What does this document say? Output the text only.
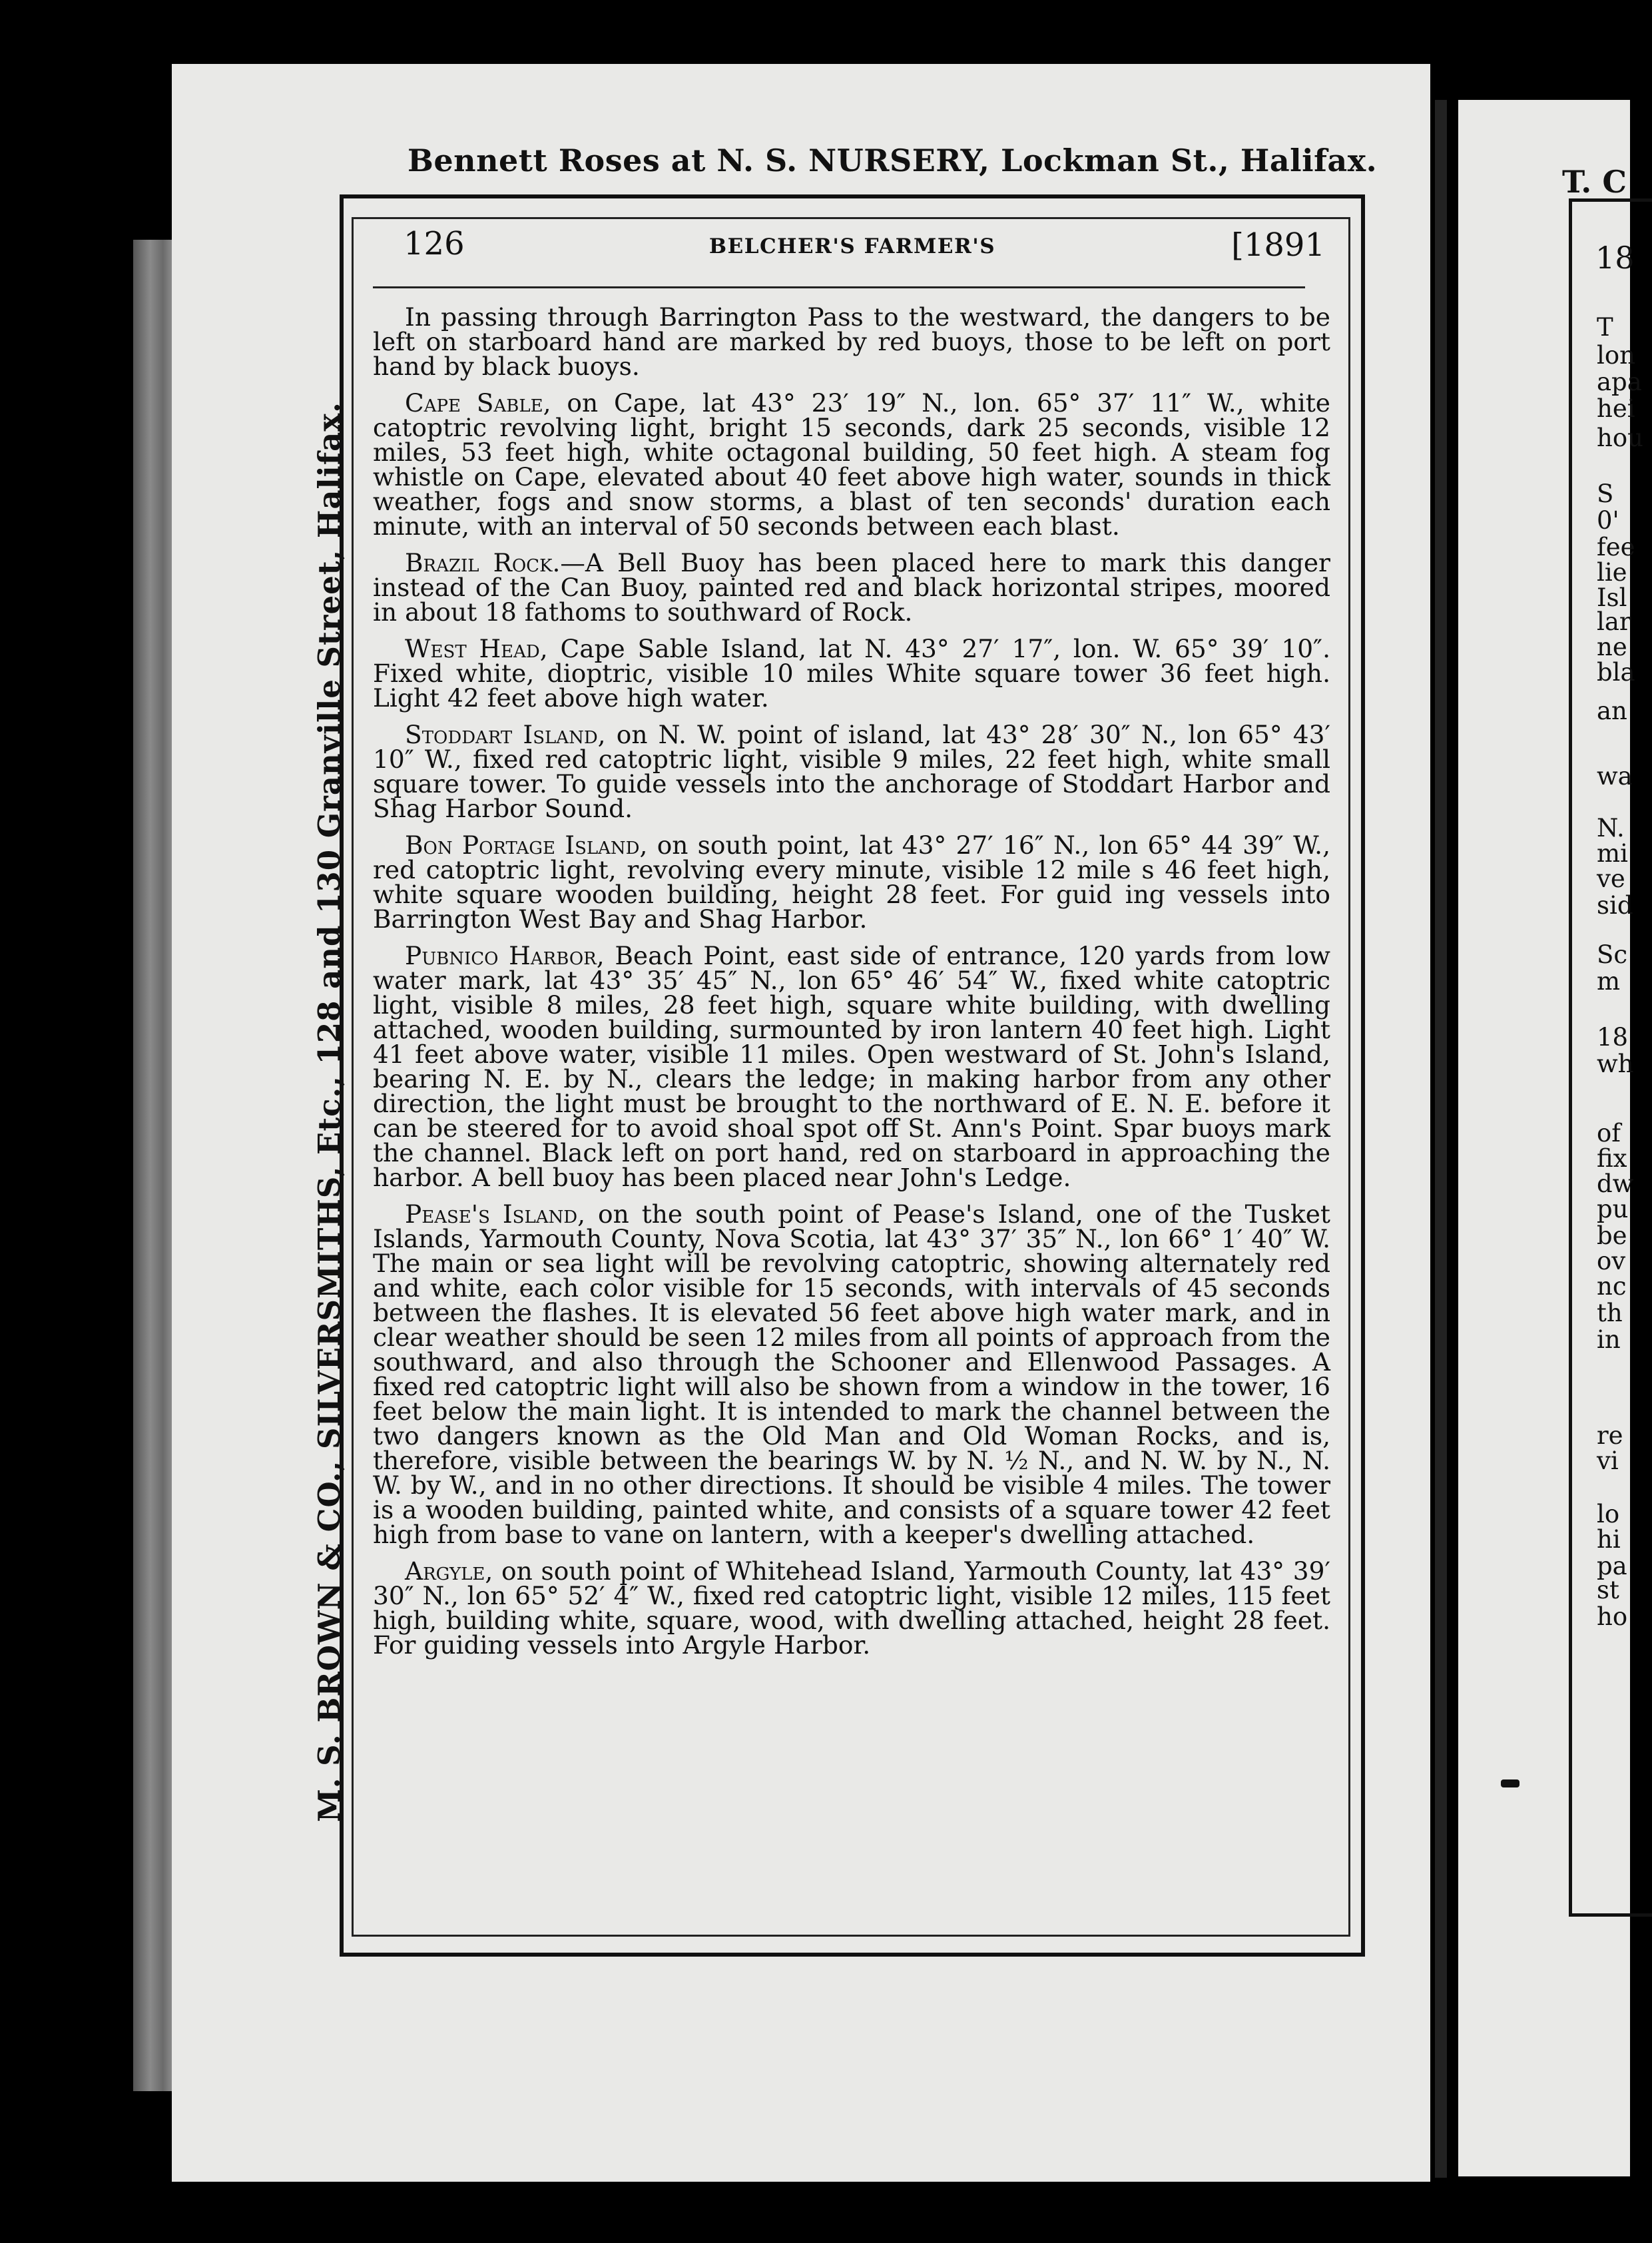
Bennett Roses at N. S. NURSERY, Lockman St., Halifax.
M. S. BROWN & CO., SILVERSMITHS, Etc., 128 and 130 Granville Street, Halifax.
126	BELCHER'S FARMER'S	[1891

In passing through Barrington Pass to the westward, the dangers to be left on starboard hand are marked by red buoys, those to be left on port hand by black buoys.

Cape Sable, on Cape, lat 43° 23′ 19″ N., lon. 65° 37′ 11″ W., white catoptric revolving light, bright 15 seconds, dark 25 seconds, visible 12 miles, 53 feet high, white octagonal building, 50 feet high. A steam fog whistle on Cape, elevated about 40 feet above high water, sounds in thick weather, fogs and snow storms, a blast of ten seconds' duration each minute, with an interval of 50 seconds between each blast.

Brazil Rock.—A Bell Buoy has been placed here to mark this danger instead of the Can Buoy, painted red and black horizontal stripes, moored in about 18 fathoms to southward of Rock.

West Head, Cape Sable Island, lat N. 43° 27′ 17″, lon. W. 65° 39′ 10″. Fixed white, dioptric, visible 10 miles White square tower 36 feet high. Light 42 feet above high water.

Stoddart Island, on N. W. point of island, lat 43° 28′ 30″ N., lon 65° 43′ 10″ W., fixed red catoptric light, visible 9 miles, 22 feet high, white small square tower. To guide vessels into the anchorage of Stoddart Harbor and Shag Harbor Sound.

Bon Portage Island, on south point, lat 43° 27′ 16″ N., lon 65° 44 39″ W., red catoptric light, revolving every minute, visible 12 mile s 46 feet high, white square wooden building, height 28 feet. For guid ing vessels into Barrington West Bay and Shag Harbor.

Pubnico Harbor, Beach Point, east side of entrance, 120 yards from low water mark, lat 43° 35′ 45″ N., lon 65° 46′ 54″ W., fixed white catoptric light, visible 8 miles, 28 feet high, square white building, with dwelling attached, wooden building, surmounted by iron lantern 40 feet high. Light 41 feet above water, visible 11 miles. Open westward of St. John's Island, bearing N. E. by N., clears the ledge; in making harbor from any other direction, the light must be brought to the northward of E. N. E. before it can be steered for to avoid shoal spot off St. Ann's Point. Spar buoys mark the channel. Black left on port hand, red on starboard in approaching the harbor. A bell buoy has been placed near John's Ledge.

Pease's Island, on the south point of Pease's Island, one of the Tusket Islands, Yarmouth County, Nova Scotia, lat 43° 37′ 35″ N., lon 66° 1′ 40″ W. The main or sea light will be revolving catoptric, showing alternately red and white, each color visible for 15 seconds, with intervals of 45 seconds between the flashes. It is elevated 56 feet above high water mark, and in clear weather should be seen 12 miles from all points of approach from the southward, and also through the Schooner and Ellenwood Passages. A fixed red catoptric light will also be shown from a window in the tower, 16 feet below the main light. It is intended to mark the channel between the two dangers known as the Old Man and Old Woman Rocks, and is, therefore, visible between the bearings W. by N. ½ N., and N. W. by N., N. W. by W., and in no other directions. It should be visible 4 miles. The tower is a wooden building, painted white, and consists of a square tower 42 feet high from base to vane on lantern, with a keeper's dwelling attached.

Argyle, on south point of Whitehead Island, Yarmouth County, lat 43° 39′ 30″ N., lon 65° 52′ 4″ W., fixed red catoptric light, visible 12 miles, 115 feet high, building white, square, wood, with dwelling attached, height 28 feet. For guiding vessels into Argyle Harbor.

T. C
18
T
lon
apa
hei
hou
S
0'
fee
lie
Isl
lar
ne
bla
an
wa
N.
mi
ve
sid
Sc
m
18
wh
of
fix
dw
pu
be
ov
nc
th
in
re
vi
lo
hi
pa
st
ho
